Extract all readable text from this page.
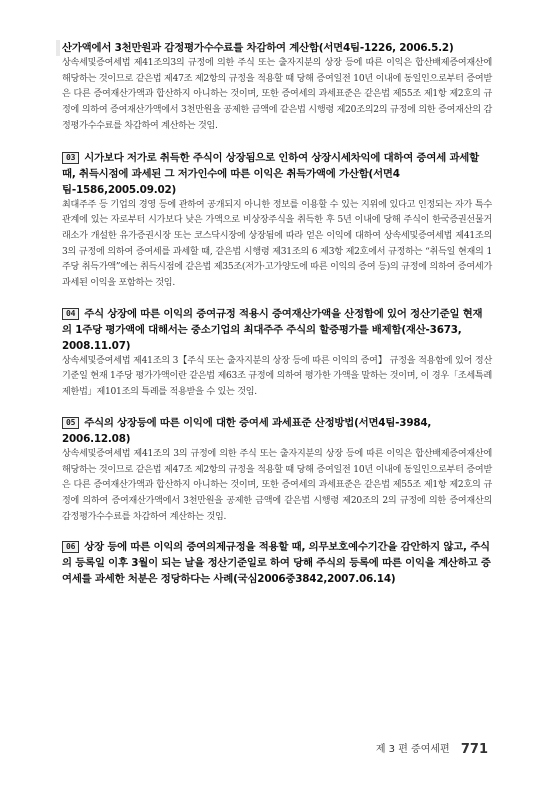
산가액에서 3천만원과 감정평가수수료를 차감하여 계산함(서면4팀-1226, 2006.5.2)
상속세및증여세법 제41조의3의 규정에 의한 주식 또는 출자지분의 상장 등에 따른 이익은 합산배제증여재산에 해당하는 것이므로 같은법 제47조 제2항의 규정을 적용할 때 당해 증여일전 10년 이내에 동일인으로부터 증여받은 다른 증여재산가액과 합산하지 아니하는 것이며, 또한 증여세의 과세표준은 같은법 제55조 제1항 제2호의 규정에 의하여 증여재산가액에서 3천만원을 공제한 금액에 같은법 시행령 제20조의2의 규정에 의한 증여재산의 감정평가수수료를 차감하여 계산하는 것임.
03 시가보다 저가로 취득한 주식이 상장됨으로 인하여 상장시세차익에 대하여 증여세 과세할 때, 취득시점에 과세된 그 저가인수에 따른 이익은 취득가액에 가산함(서면4팀-1586,2005.09.02)
최대주주 등 기업의 경영 등에 관하여 공개되지 아니한 정보를 이용할 수 있는 지위에 있다고 인정되는 자가 특수관계에 있는 자로부터 시가보다 낮은 가액으로 비상장주식을 취득한 후 5년 이내에 당해 주식이 한국증권선물거래소가 개설한 유가증권시장 또는 코스닥시장에 상장됨에 따라 얻은 이익에 대하여 상속세및증여세법 제41조의 3의 규정에 의하여 증여세를 과세할 때, 같은법 시행령 제31조의 6 제3항 제2호에서 규정하는 “취득일 현재의 1주당 취득가액”에는 취득시점에 같은법 제35조(저가·고가양도에 따른 이익의 증여 등)의 규정에 의하여 증여세가 과세된 이익을 포함하는 것임.
04 주식 상장에 따른 이익의 증여규정 적용시 증여재산가액을 산정함에 있어 정산기준일 현재의 1주당 평가액에 대해서는 중소기업의 최대주주 주식의 할증평가를 배제함(재산-3673, 2008.11.07)
상속세및증여세법 제41조의 3【주식 또는 출자지분의 상장 등에 따른 이익의 증여】 규정을 적용함에 있어 정산기준일 현재 1주당 평가가액이란 같은법 제63조 규정에 의하여 평가한 가액을 말하는 것이며, 이 경우「조세특례제한법」제101조의 특례를 적용받을 수 있는 것임.
05 주식의 상장등에 따른 이익에 대한 증여세 과세표준 산정방법(서면4팀-3984, 2006.12.08)
상속세및증여세법 제41조의 3의 규정에 의한 주식 또는 출자지분의 상장 등에 따른 이익은 합산배제증여재산에 해당하는 것이므로 같은법 제47조 제2항의 규정을 적용할 때 당해 증여일전 10년 이내에 동일인으로부터 증여받은 다른 증여재산가액과 합산하지 아니하는 것이며, 또한 증여세의 과세표준은 같은법 제55조 제1항 제2호의 규정에 의하여 증여재산가액에서 3천만원을 공제한 금액에 같은법 시행령 제20조의 2의 규정에 의한 증여재산의 감정평가수수료를 차감하여 계산하는 것임.
06 상장 등에 따른 이익의 증여의제규정을 적용할 때, 의무보호예수기간을 감안하지 않고, 주식의 등록일 이후 3월이 되는 날을 정산기준일로 하여 당해 주식의 등록에 따른 이익을 계산하고 증여세를 과세한 처분은 정당하다는 사례(국심2006중3842,2007.06.14)
제 3 편 증여세편 771
